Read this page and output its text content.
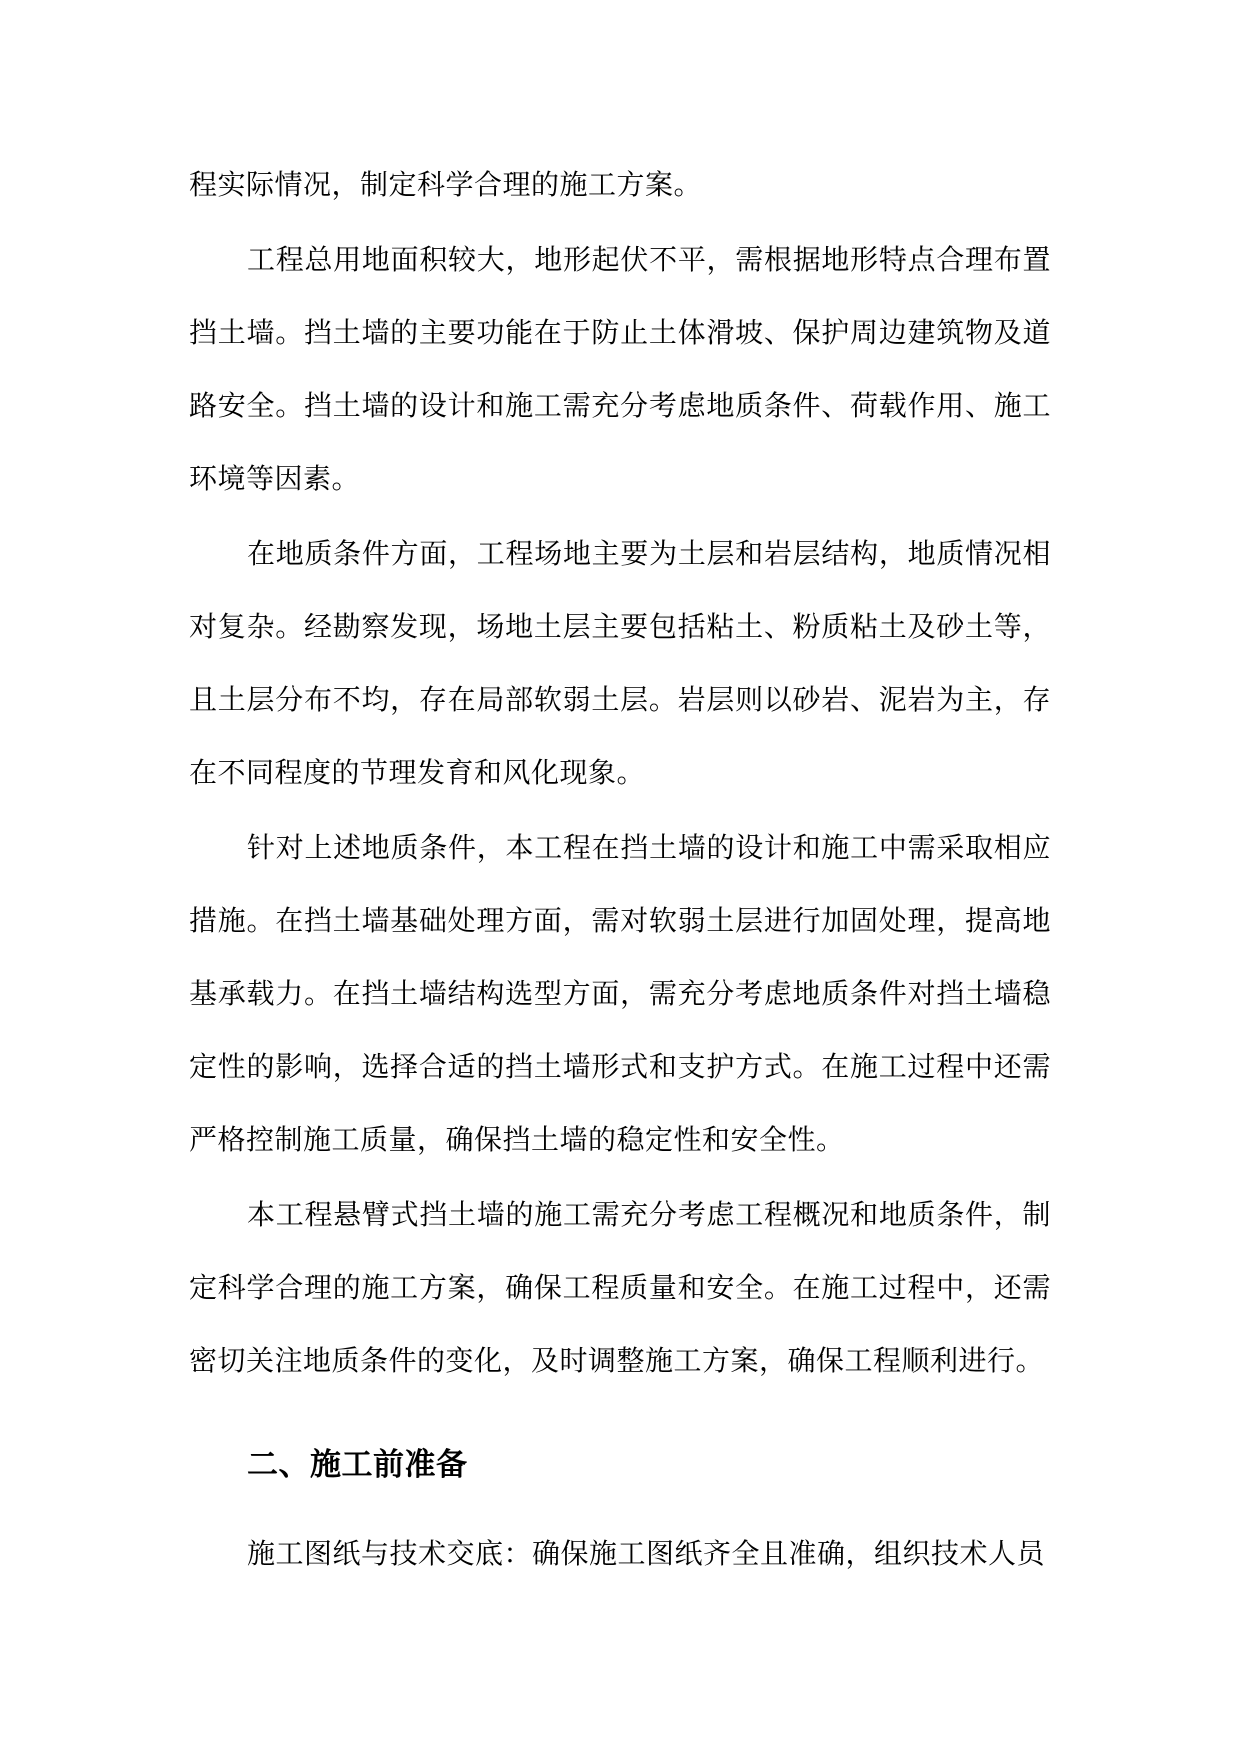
程实际情况，制定科学合理的施工方案。

工程总用地面积较大，地形起伏不平，需根据地形特点合理布置挡土墙。挡土墙的主要功能在于防止土体滑坡、保护周边建筑物及道路安全。挡土墙的设计和施工需充分考虑地质条件、荷载作用、施工环境等因素。

在地质条件方面，工程场地主要为土层和岩层结构，地质情况相对复杂。经勘察发现，场地土层主要包括粘土、粉质粘土及砂土等，且土层分布不均，存在局部软弱土层。岩层则以砂岩、泥岩为主，存在不同程度的节理发育和风化现象。

针对上述地质条件，本工程在挡土墙的设计和施工中需采取相应措施。在挡土墙基础处理方面，需对软弱土层进行加固处理，提高地基承载力。在挡土墙结构选型方面，需充分考虑地质条件对挡土墙稳定性的影响，选择合适的挡土墙形式和支护方式。在施工过程中还需严格控制施工质量，确保挡土墙的稳定性和安全性。

本工程悬臂式挡土墙的施工需充分考虑工程概况和地质条件，制定科学合理的施工方案，确保工程质量和安全。在施工过程中，还需密切关注地质条件的变化，及时调整施工方案，确保工程顺利进行。

二、施工前准备

施工图纸与技术交底：确保施工图纸齐全且准确，组织技术人员
